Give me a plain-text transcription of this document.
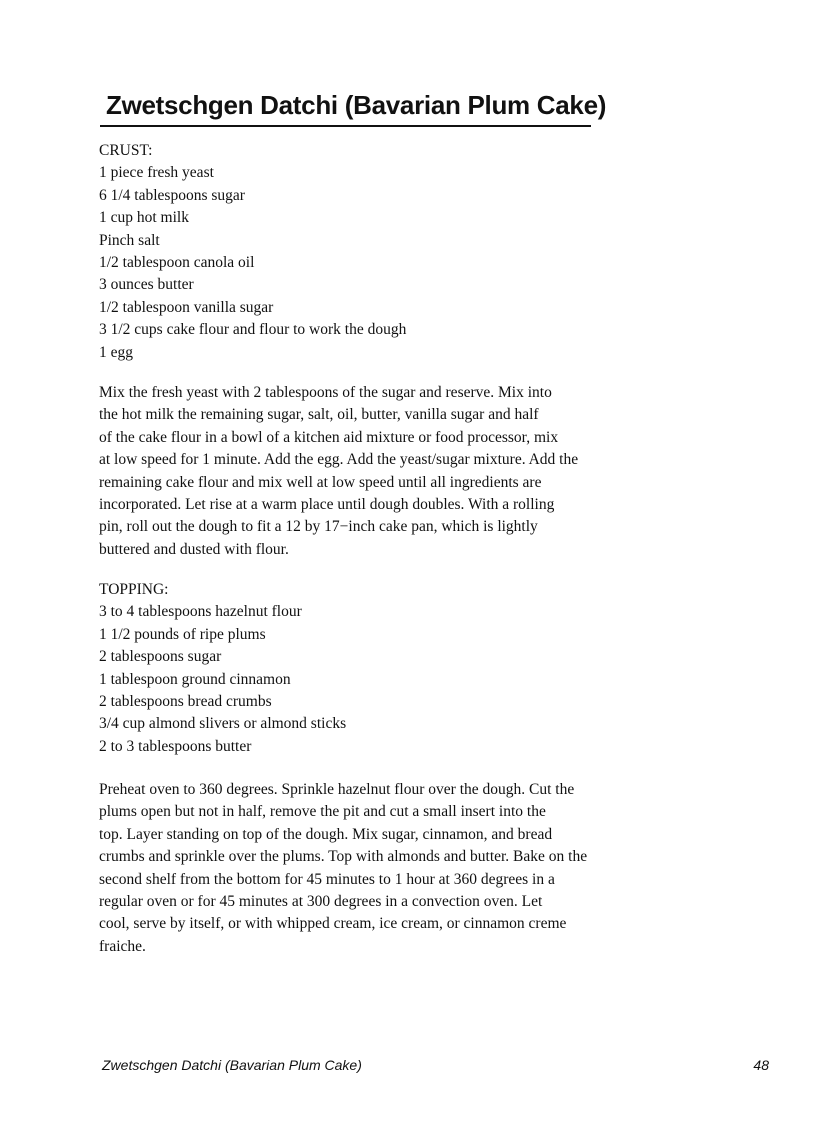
Zwetschgen Datchi (Bavarian Plum Cake)
CRUST:
1 piece fresh yeast
6 1/4 tablespoons sugar
1 cup hot milk
Pinch salt
1/2 tablespoon canola oil
3 ounces butter
1/2 tablespoon vanilla sugar
3 1/2 cups cake flour and flour to work the dough
1 egg
Mix the fresh yeast with 2 tablespoons of the sugar and reserve. Mix into
the hot milk the remaining sugar, salt, oil, butter, vanilla sugar and half
of the cake flour in a bowl of a kitchen aid mixture or food processor, mix
at low speed for 1 minute. Add the egg. Add the yeast/sugar mixture. Add the
remaining cake flour and mix well at low speed until all ingredients are
incorporated. Let rise at a warm place until dough doubles. With a rolling
pin, roll out the dough to fit a 12 by 17−inch cake pan, which is lightly
buttered and dusted with flour.
TOPPING:
3 to 4 tablespoons hazelnut flour
1 1/2 pounds of ripe plums
2 tablespoons sugar
1 tablespoon ground cinnamon
2 tablespoons bread crumbs
3/4 cup almond slivers or almond sticks
2 to 3 tablespoons butter
Preheat oven to 360 degrees. Sprinkle hazelnut flour over the dough. Cut the
plums open but not in half, remove the pit and cut a small insert into the
top. Layer standing on top of the dough. Mix sugar, cinnamon, and bread
crumbs and sprinkle over the plums. Top with almonds and butter. Bake on the
second shelf from the bottom for 45 minutes to 1 hour at 360 degrees in a
regular oven or for 45 minutes at 300 degrees in a convection oven. Let
cool, serve by itself, or with whipped cream, ice cream, or cinnamon creme
fraiche.
Zwetschgen Datchi (Bavarian Plum Cake)	48
